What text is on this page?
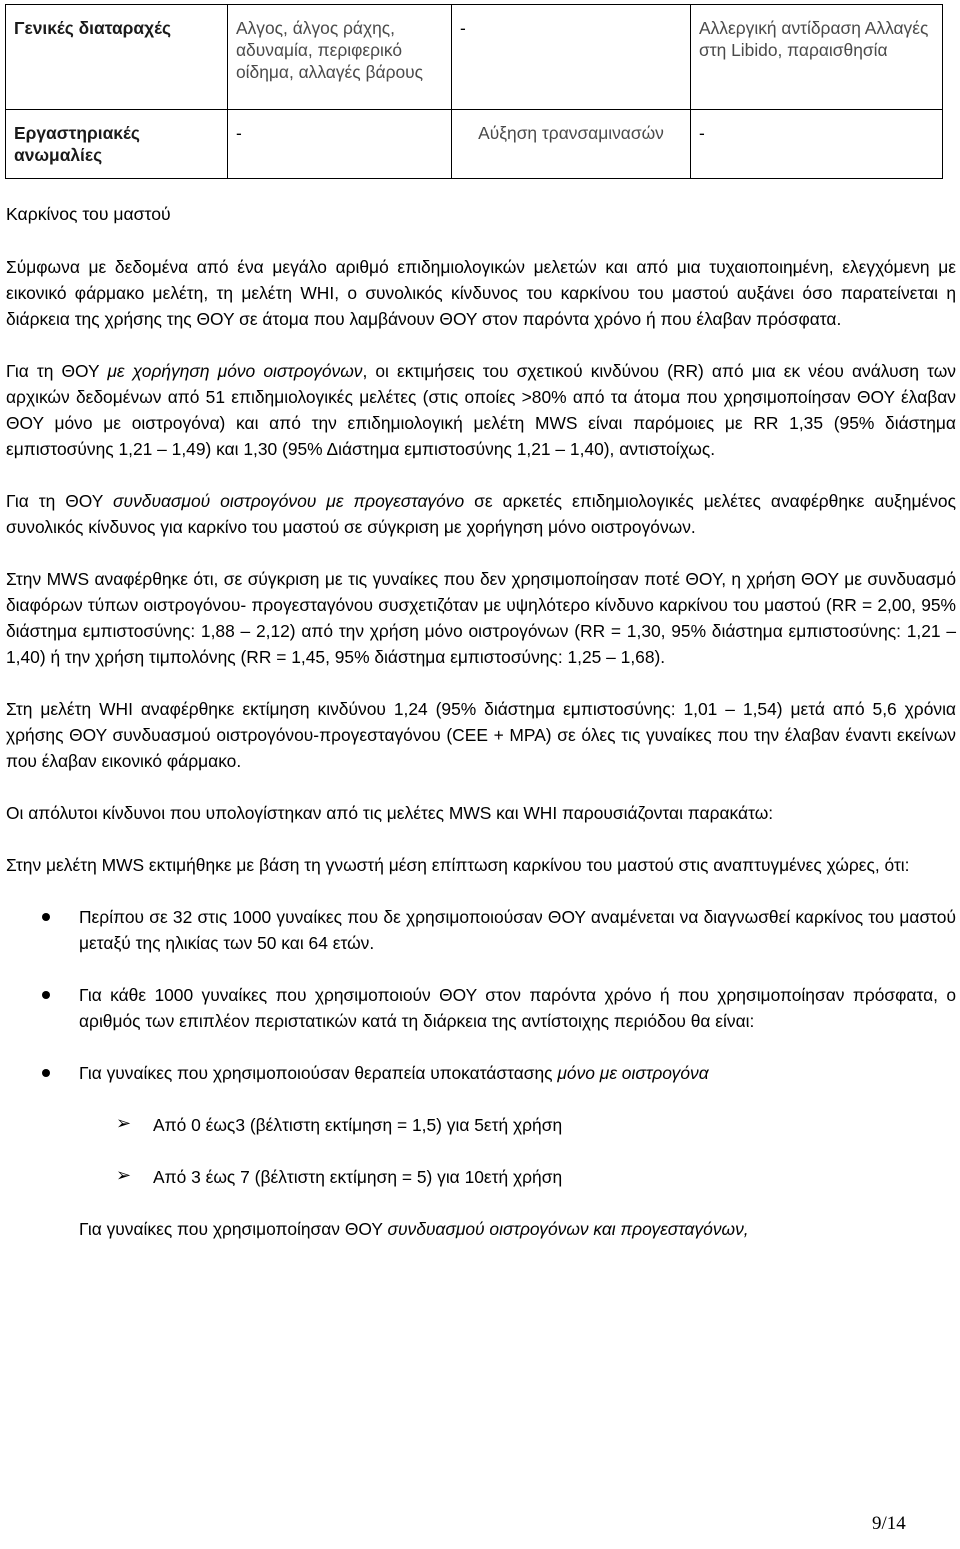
Γενικές διαταραχές	Αλγος, άλγος ράχης, αδυναμία, περιφερικό οίδημα, αλλαγές βάρους	-	Αλλεργική αντίδραση Αλλαγές στη Libido, παραισθησία
Εργαστηριακές ανωμαλίες	-	Αύξηση τρανσαμινασών	-
Καρκίνος του μαστού

Σύμφωνα με δεδομένα από ένα μεγάλο αριθμό επιδημιολογικών μελετών και από μια τυχαιοποιημένη, ελεγχόμενη με εικονικό φάρμακο μελέτη, τη μελέτη WHI, ο συνολικός κίνδυνος του καρκίνου του μαστού αυξάνει όσο παρατείνεται η διάρκεια της χρήσης της ΘΟΥ σε άτομα που λαμβάνουν ΘΟΥ στον παρόντα χρόνο ή που έλαβαν πρόσφατα.

Για τη ΘΟΥ με χορήγηση μόνο οιστρογόνων, οι εκτιμήσεις του σχετικού κινδύνου (RR) από μια εκ νέου ανάλυση των αρχικών δεδομένων από 51 επιδημιολογικές μελέτες (στις οποίες >80% από τα άτομα που χρησιμοποίησαν ΘΟΥ έλαβαν ΘΟΥ μόνο με οιστρογόνα) και από την επιδημιολογική μελέτη MWS είναι παρόμοιες με RR 1,35 (95% διάστημα εμπιστοσύνης 1,21 – 1,49) και 1,30 (95% Διάστημα εμπιστοσύνης 1,21 – 1,40), αντιστοίχως.

Για τη ΘΟΥ συνδυασμού οιστρογόνου με προγεσταγόνο σε αρκετές επιδημιολογικές μελέτες αναφέρθηκε αυξημένος συνολικός κίνδυνος για καρκίνο του μαστού σε σύγκριση με χορήγηση μόνο οιστρογόνων.

Στην MWS αναφέρθηκε ότι, σε σύγκριση με τις γυναίκες που δεν χρησιμοποίησαν ποτέ ΘΟΥ, η χρήση ΘΟΥ με συνδυασμό διαφόρων τύπων οιστρογόνου- προγεσταγόνου συσχετιζόταν με υψηλότερο κίνδυνο καρκίνου του μαστού (RR = 2,00, 95% διάστημα εμπιστοσύνης: 1,88 – 2,12) από την χρήση μόνο οιστρογόνων (RR = 1,30, 95% διάστημα εμπιστοσύνης: 1,21 – 1,40) ή την χρήση τιμπολόνης (RR = 1,45, 95% διάστημα εμπιστοσύνης: 1,25 – 1,68).

Στη μελέτη WHI αναφέρθηκε εκτίμηση κινδύνου 1,24 (95% διάστημα εμπιστοσύνης: 1,01 – 1,54) μετά από 5,6 χρόνια χρήσης ΘΟΥ συνδυασμού οιστρογόνου-προγεσταγόνου (CEE + MPA) σε όλες τις γυναίκες που την έλαβαν έναντι εκείνων που έλαβαν εικονικό φάρμακο.

Οι απόλυτοι κίνδυνοι που υπολογίστηκαν από τις μελέτες MWS και WHI παρουσιάζονται παρακάτω:

Στην μελέτη MWS εκτιμήθηκε με βάση τη γνωστή μέση επίπτωση καρκίνου του μαστού στις αναπτυγμένες χώρες, ότι:

Περίπου σε 32 στις 1000 γυναίκες που δε χρησιμοποιούσαν ΘΟΥ αναμένεται να διαγνωσθεί καρκίνος του μαστού μεταξύ της ηλικίας των 50 και 64 ετών.

Για κάθε 1000 γυναίκες που χρησιμοποιούν ΘΟΥ στον παρόντα χρόνο ή που χρησιμοποίησαν πρόσφατα, ο αριθμός των επιπλέον περιστατικών κατά τη διάρκεια της αντίστοιχης περιόδου θα είναι:

Για γυναίκες που χρησιμοποιούσαν θεραπεία υποκατάστασης μόνο με οιστρογόνα

➢ Από 0 έως3 (βέλτιστη εκτίμηση = 1,5) για 5ετή χρήση

➢ Από 3 έως 7 (βέλτιστη εκτίμηση = 5) για 10ετή χρήση

Για γυναίκες που χρησιμοποίησαν ΘΟΥ συνδυασμού οιστρογόνων και προγεσταγόνων,

9/14
